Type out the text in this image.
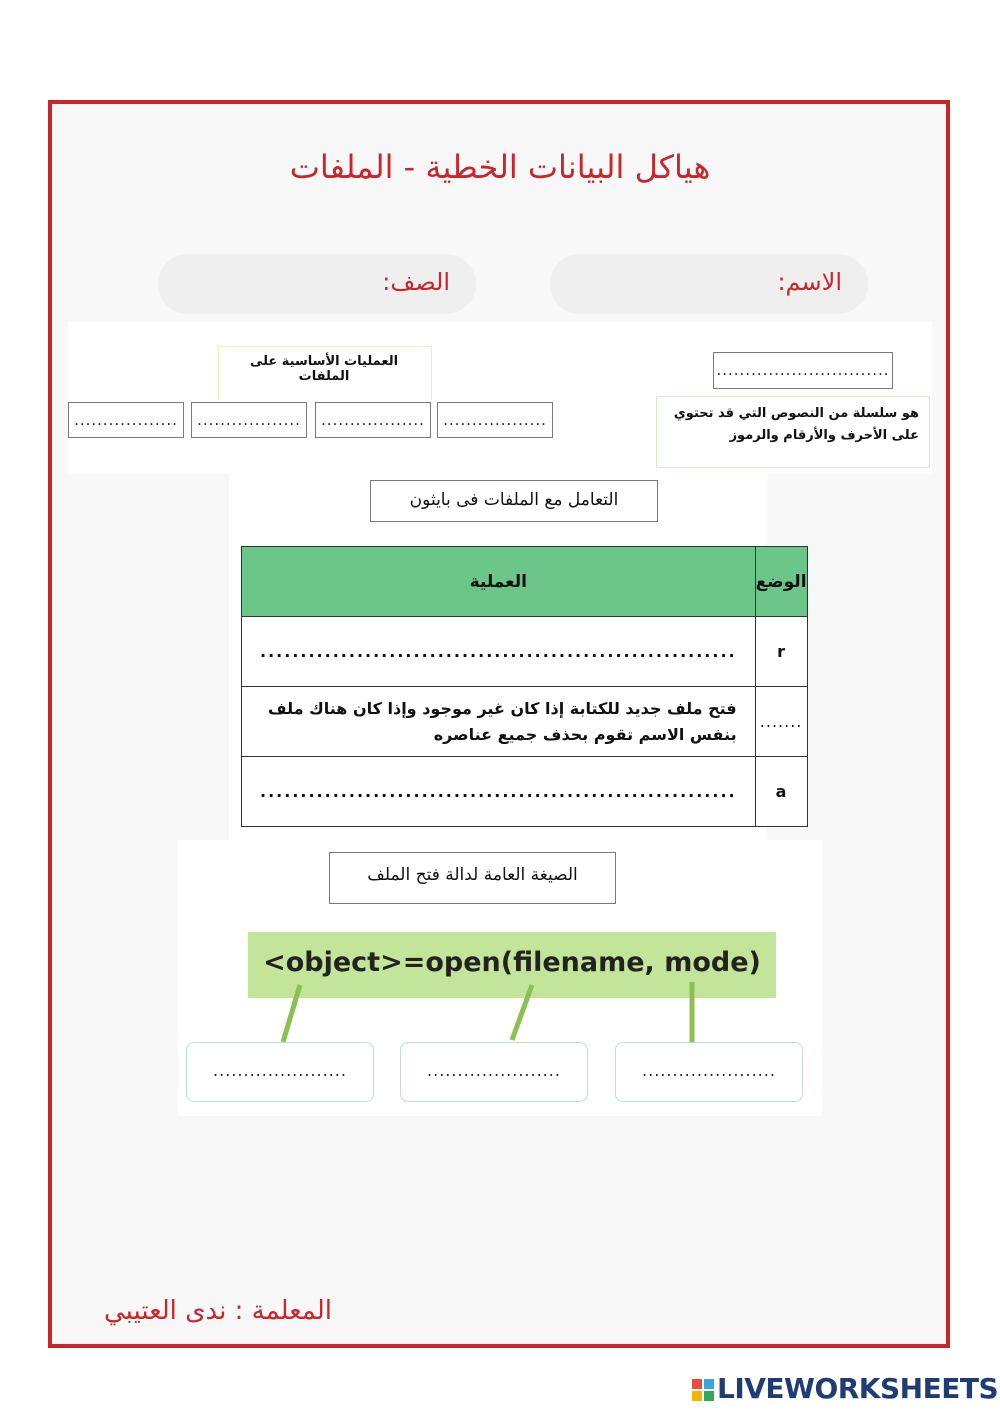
هياكل البيانات الخطية - الملفات
الاسم:
الصف:
..............................
هو سلسلة من النصوص التي قد تحتوي على الأحرف والأرقام والرموز
العمليات الأساسية على الملفات
..................
..................
..................
..................
التعامل مع الملفات فى بايثون
الوضع	العملية
r	...........................................................
.......	فتح ملف جديد للكتابة إذا كان غير موجود وإذا كان هناك ملف بنفس الاسم تقوم بحذف جميع عناصره
a	...........................................................
الصيغة العامة لدالة فتح الملف
<object>=open(filename, mode)
......................	......................	......................
المعلمة : ندى العتيبي
LIVEWORKSHEETS
